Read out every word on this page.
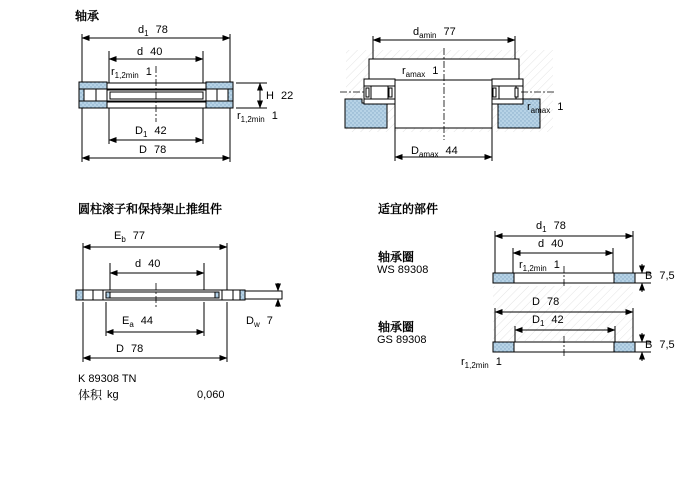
轴承
d 1 78
d 40
r 1,2min 1
H 22
r 1,2min 1
D 1 42
D 78
d amin 77
r amax 1
r amax 1
D amax 44
圆柱滚子和保持架止推组件
E b 77
d 40
E a 44
D 78
D w 7
K 89308 TN
体积 kg	0,060
适宜的部件
轴承圈
WS 89308
轴承圈
GS 89308
d 1 78
d 40
r 1,2min 1
B 7,5
D 78
D 1 42
B 7,5
r 1,2min 1
